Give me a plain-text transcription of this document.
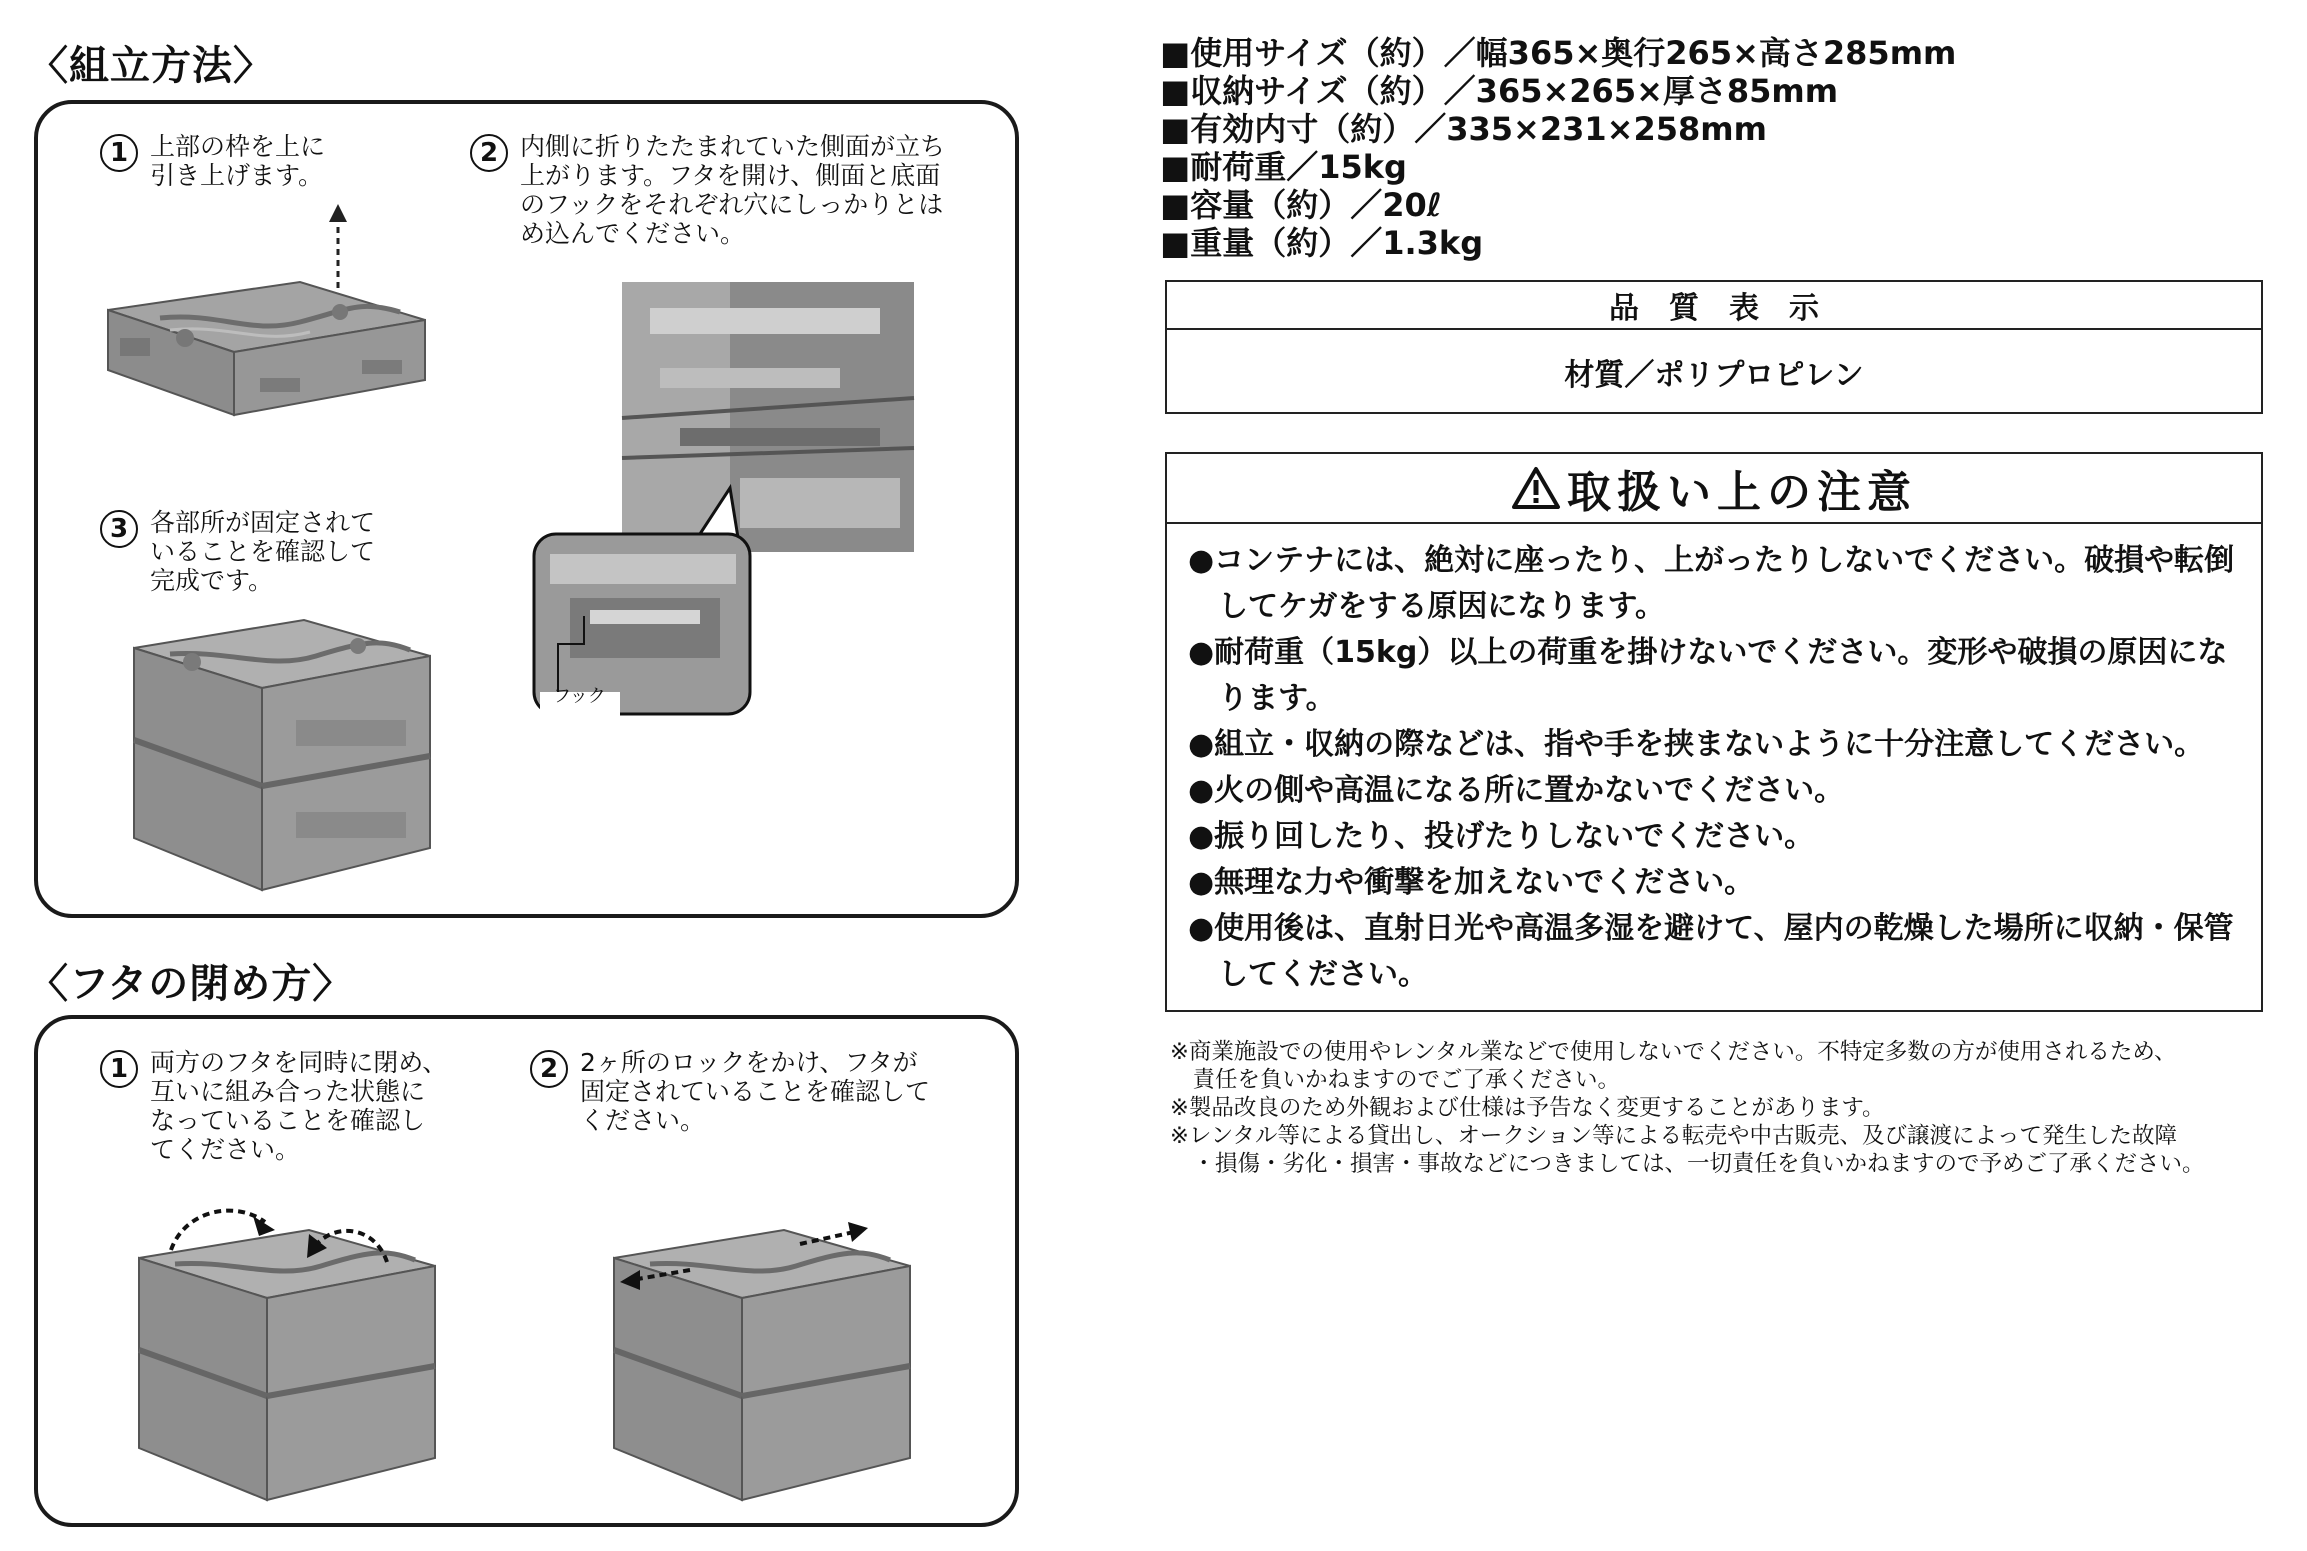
〈組立方法〉
1 上部の枠を上に
引き上げます。
2 内側に折りたたまれていた側面が立ち
上がります。フタを開け、側面と底面
のフックをそれぞれ穴にしっかりとは
め込んでください。
3 各部所が固定されて
いることを確認して
完成です。
フック
〈フタの閉め方〉
1 両方のフタを同時に閉め、
互いに組み合った状態に
なっていることを確認し
てください。
2 2ヶ所のロックをかけ、フタが
固定されていることを確認して
ください。
■使用サイズ（約）／幅365×奥行265×高さ285mm
■収納サイズ（約）／365×265×厚さ85mm
■有効内寸（約）／335×231×258mm
■耐荷重／15kg
■容量（約）／20ℓ
■重量（約）／1.3kg
品　質　表　示
材質／ポリプロピレン
取扱い上の注意
●コンテナには、絶対に座ったり、上がったりしないでください。破損や転倒
　してケガをする原因になります。
●耐荷重（15kg）以上の荷重を掛けないでください。変形や破損の原因にな
　ります。
●組立・収納の際などは、指や手を挟まないように十分注意してください。
●火の側や高温になる所に置かないでください。
●振り回したり、投げたりしないでください。
●無理な力や衝撃を加えないでください。
●使用後は、直射日光や高温多湿を避けて、屋内の乾燥した場所に収納・保管
　してください。
※商業施設での使用やレンタル業などで使用しないでください。不特定多数の方が使用されるため、
　責任を負いかねますのでご了承ください。
※製品改良のため外観および仕様は予告なく変更することがあります。
※レンタル等による貸出し、オークション等による転売や中古販売、及び譲渡によって発生した故障
　・損傷・劣化・損害・事故などにつきましては、一切責任を負いかねますので予めご了承ください。
